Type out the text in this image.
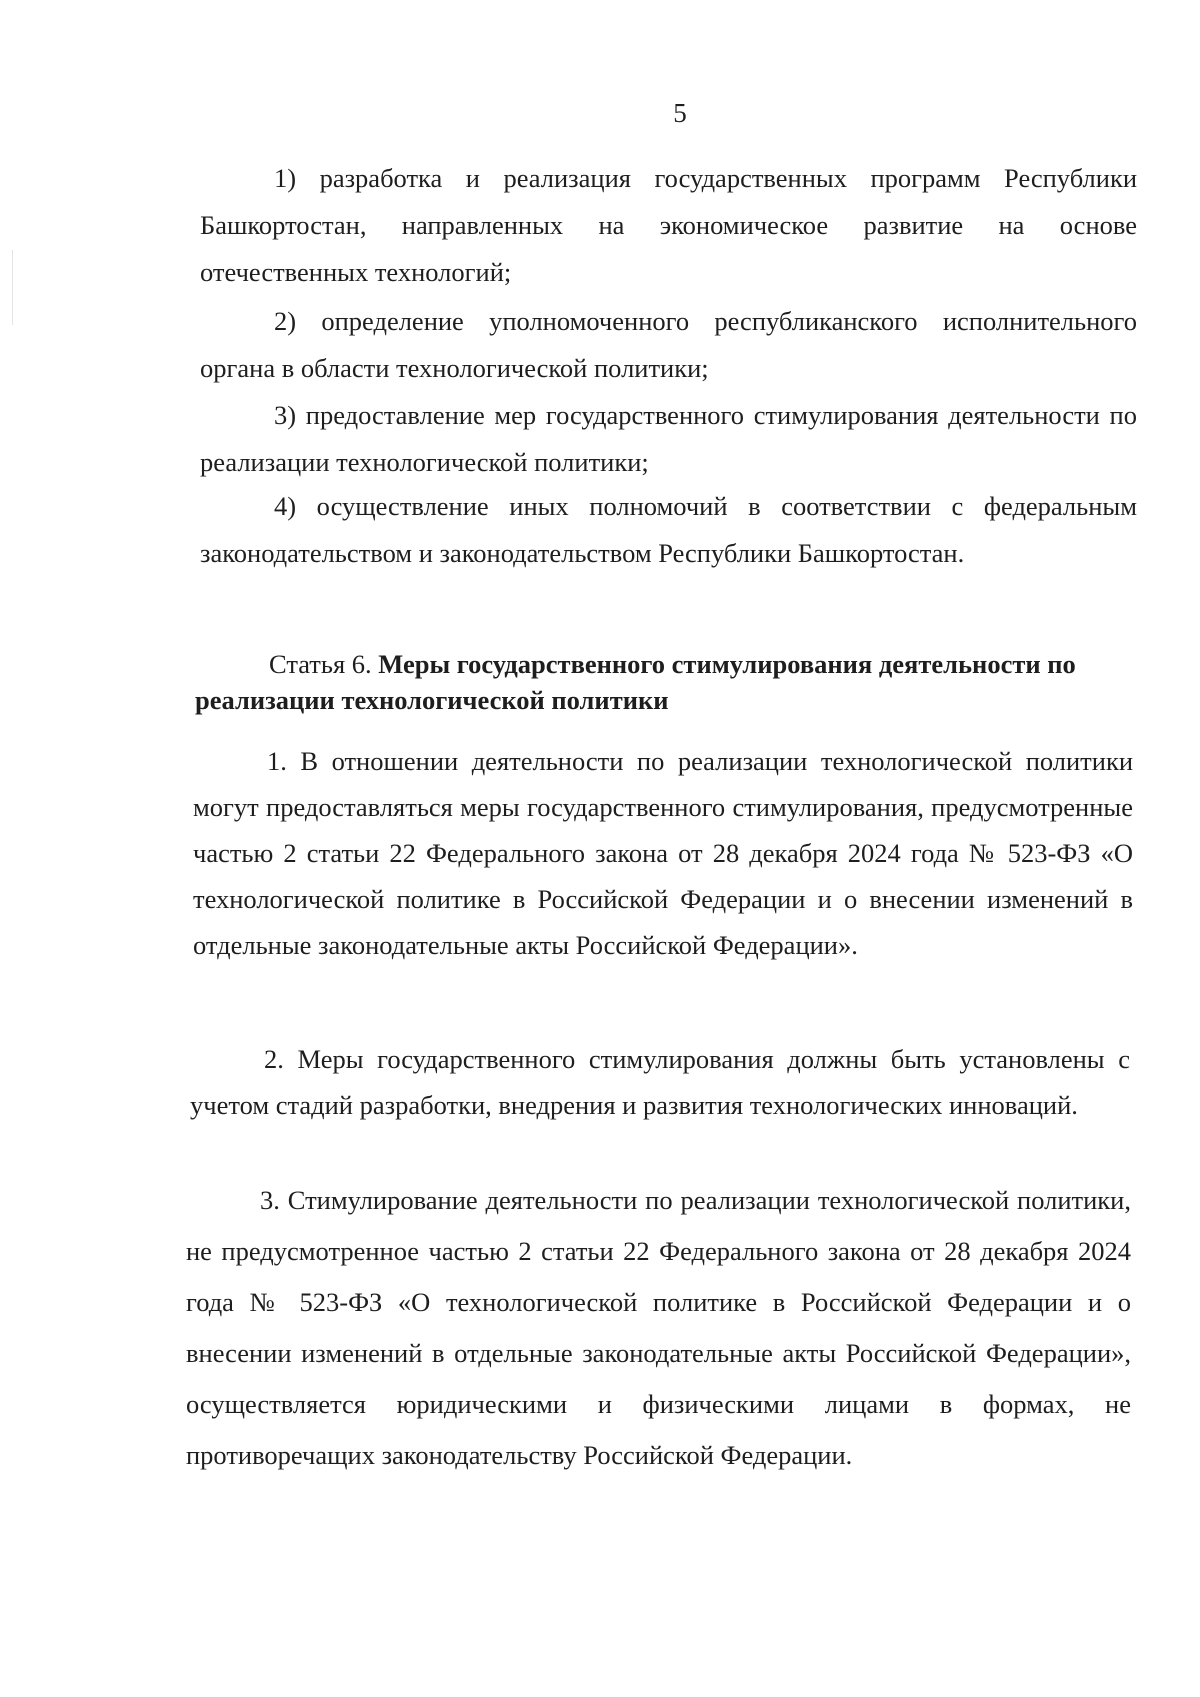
5

1) разработка и реализация государственных программ Республики Башкортостан, направленных на экономическое развитие на основе отечественных технологий;

2) определение уполномоченного республиканского исполнительного органа в области технологической политики;

3) предоставление мер государственного стимулирования деятельности по реализации технологической политики;

4) осуществление иных полномочий в соответствии с федеральным законодательством и законодательством Республики Башкортостан.

Статья 6. Меры государственного стимулирования деятельности по реализации технологической политики

1. В отношении деятельности по реализации технологической политики могут предоставляться меры государственного стимулирования, предусмотренные частью 2 статьи 22 Федерального закона от 28 декабря 2024 года № 523-ФЗ «О технологической политике в Российской Федерации и о внесении изменений в отдельные законодательные акты Российской Федерации».

2. Меры государственного стимулирования должны быть установлены с учетом стадий разработки, внедрения и развития технологических инноваций.

3. Стимулирование деятельности по реализации технологической политики, не предусмотренное частью 2 статьи 22 Федерального закона от 28 декабря 2024 года № 523-ФЗ «О технологической политике в Российской Федерации и о внесении изменений в отдельные законодательные акты Российской Федерации», осуществляется юридическими и физическими лицами в формах, не противоречащих законодательству Российской Федерации.
